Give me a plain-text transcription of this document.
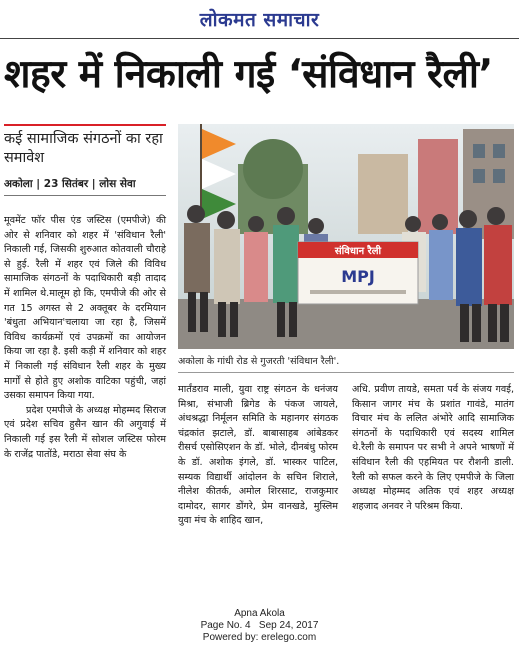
लोकमत समाचार
शहर में निकाली गई ‘संविधान रैली’
कई सामाजिक संगठनों का रहा समावेश
अकोला | 23 सितंबर | लोस सेवा

मूवमेंट फॉर पीस एंड जस्टिस (एमपीजे) की ओर से शनिवार को शहर में 'संविधान रैली' निकाली गई, जिसकी शुरुआत कोतवाली चौराहे से हुई. रैली में शहर एवं जिले की विविध सामाजिक संगठनों के पदाधिकारी बड़ी तादाद में शामिल थे.मालूम हो कि, एमपीजे की ओर से गत 15 अगस्त से 2 अक्तूबर के दरमियान 'बंधुता अभियान'चलाया जा रहा है, जिसमें विविध कार्यक्रमों एवं उपक्रमों का आयोजन किया जा रहा है. इसी कड़ी में शनिवार को शहर में निकाली गई संविधान रैली शहर के मुख्य मार्गों से होते हुए अशोक वाटिका पहुंची, जहां उसका समापन किया गया.

प्रदेश एमपीजे के अध्यक्ष मोहम्मद सिराज एवं प्रदेश सचिव हुसैन खान की अगुवाई में निकाली गई इस रैली में सोशल जस्टिस फोरम के राजेंद्र पातोंडे, मराठा सेवा संघ के

संविधान रैली
MPJ
अकोला के गांधी रोड से गुजरती 'संविधान रैली'.

मार्तंडराव माली, युवा राष्ट्र संगठन के धनंजय मिश्रा, संभाजी ब्रिगेड के पंकज जायले, अंधश्रद्धा निर्मूलन समिति के महानगर संगठक चंद्रकांत झटाले, डॉ. बाबासाहब आंबेडकर रीसर्च एसोसिएशन के डॉ. भोले, दीनबंधु फोरम के डॉ. अशोक इंगले, डॉ. भास्कर पाटिल, सम्यक विद्यार्थी आंदोलन के सचिन शिराले, नीलेश कीतर्क, अमोल शिरसाट, राजकुमार दामोदर, सागर डोंगरे, प्रेम वानखडे, मुस्लिम युवा मंच के शाहिद खान,

अधि. प्रवीण तायडे, समता पर्व के संजय गवई, किसान जागर मंच के प्रशांत गावंडे, मातंग विचार मंच के ललित अंभोरे आदि सामाजिक संगठनों के पदाधिकारी एवं सदस्य शामिल थे.रैली के समापन पर सभी ने अपने भाषणों में संविधान रैली की एहमियत पर रौशनी डाली. रैली को सफल करने के लिए एमपीजे के जिला अध्यक्ष मोहम्मद अतिक एवं शहर अध्यक्ष शहजाद अनवर ने परिश्रम किया.

Apna Akola
Page No. 4   Sep 24, 2017
Powered by: erelego.com
